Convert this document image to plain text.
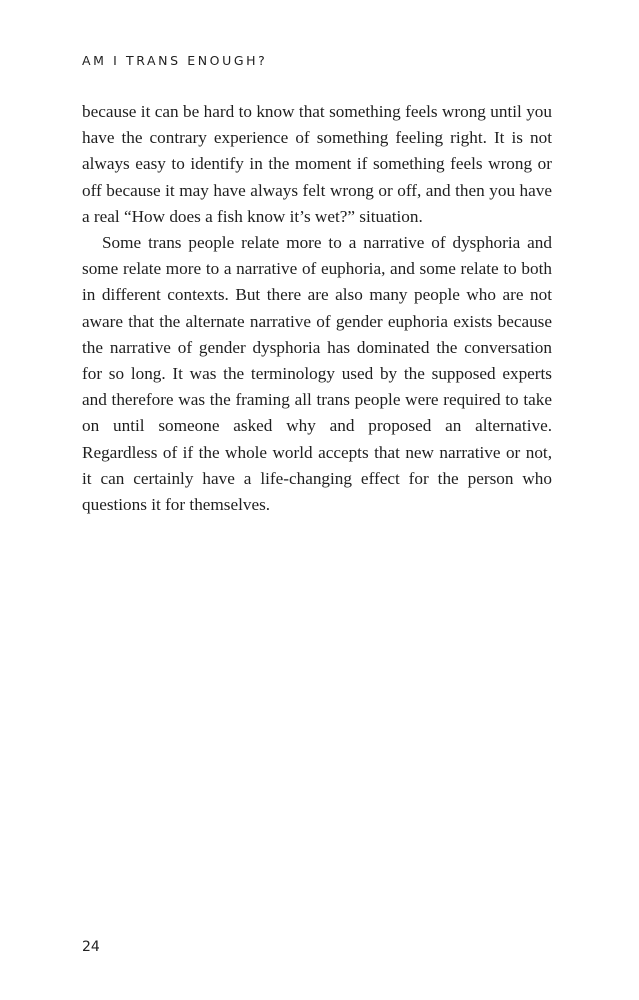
AM I TRANS ENOUGH?

because it can be hard to know that something feels wrong until you have the contrary experience of something feeling right. It is not always easy to identify in the moment if something feels wrong or off because it may have always felt wrong or off, and then you have a real “How does a fish know it’s wet?” situation.

Some trans people relate more to a narrative of dysphoria and some relate more to a narrative of euphoria, and some relate to both in different contexts. But there are also many people who are not aware that the alternate narrative of gender euphoria exists because the narrative of gender dysphoria has dominated the conversation for so long. It was the terminology used by the supposed experts and therefore was the framing all trans people were required to take on until someone asked why and proposed an alternative. Regardless of if the whole world accepts that new narrative or not, it can certainly have a life-changing effect for the person who questions it for themselves.

24
